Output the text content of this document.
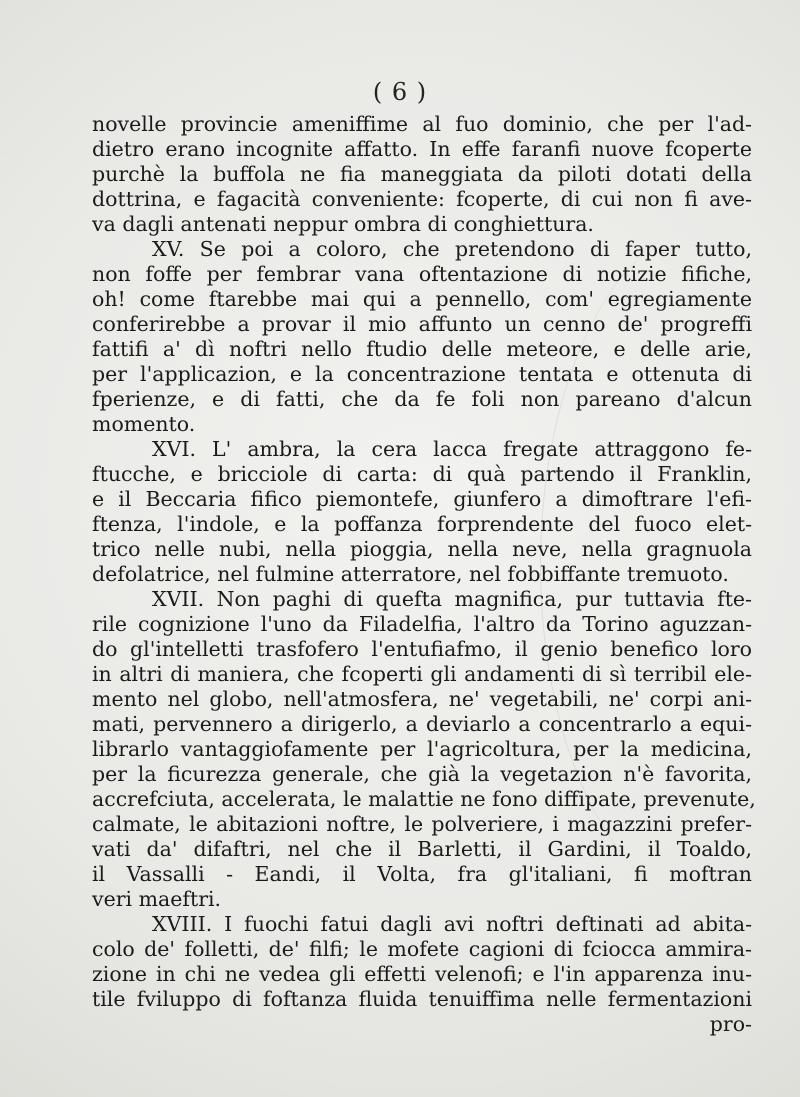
( 6 )
novelle provincie ameniffime al fuo dominio, che per l'ad-
dietro erano incognite affatto. In effe faranfi nuove fcoperte
purchè la buffola ne fia maneggiata da piloti dotati della
dottrina, e fagacità conveniente: fcoperte, di cui non fi ave-
va dagli antenati neppur ombra di conghiettura.
XV. Se poi a coloro, che pretendono di faper tutto,
non foffe per fembrar vana oftentazione di notizie fifiche,
oh! come ftarebbe mai qui a pennello, com' egregiamente
conferirebbe a provar il mio affunto un cenno de' progreffi
fattifi a' dì noftri nello ftudio delle meteore, e delle arie,
per l'applicazion, e la concentrazione tentata e ottenuta di
fperienze, e di fatti, che da fe foli non pareano d'alcun
momento.
XVI. L' ambra, la cera lacca fregate attraggono fe-
ftucche, e bricciole di carta: di quà partendo il Franklin,
e il Beccaria fifico piemontefe, giunfero a dimoftrare l'efi-
ftenza, l'indole, e la poffanza forprendente del fuoco elet-
trico nelle nubi, nella pioggia, nella neve, nella gragnuola
defolatrice, nel fulmine atterratore, nel fobbiffante tremuoto.
XVII. Non paghi di quefta magnifica, pur tuttavia fte-
rile cognizione l'uno da Filadelfia, l'altro da Torino aguzzan-
do gl'intelletti trasfofero l'entufiafmo, il genio benefico loro
in altri di maniera, che fcoperti gli andamenti di sì terribil ele-
mento nel globo, nell'atmosfera, ne' vegetabili, ne' corpi ani-
mati, pervennero a dirigerlo, a deviarlo a concentrarlo a equi-
librarlo vantaggiofamente per l'agricoltura, per la medicina,
per la ficurezza generale, che già la vegetazion n'è favorita,
accrefciuta, accelerata, le malattie ne fono diffipate, prevenute,
calmate, le abitazioni noftre, le polveriere, i magazzini prefer-
vati da' difaftri, nel che il Barletti, il Gardini, il Toaldo,
il Vassalli - Eandi, il Volta, fra gl'italiani, fi moftran
veri maeftri.
XVIII. I fuochi fatui dagli avi noftri deftinati ad abita-
colo de' folletti, de' filfi; le mofete cagioni di fciocca ammira-
zione in chi ne vedea gli effetti velenofi; e l'in apparenza inu-
tile fviluppo di foftanza fluida tenuiffima nelle fermentazioni
pro-
